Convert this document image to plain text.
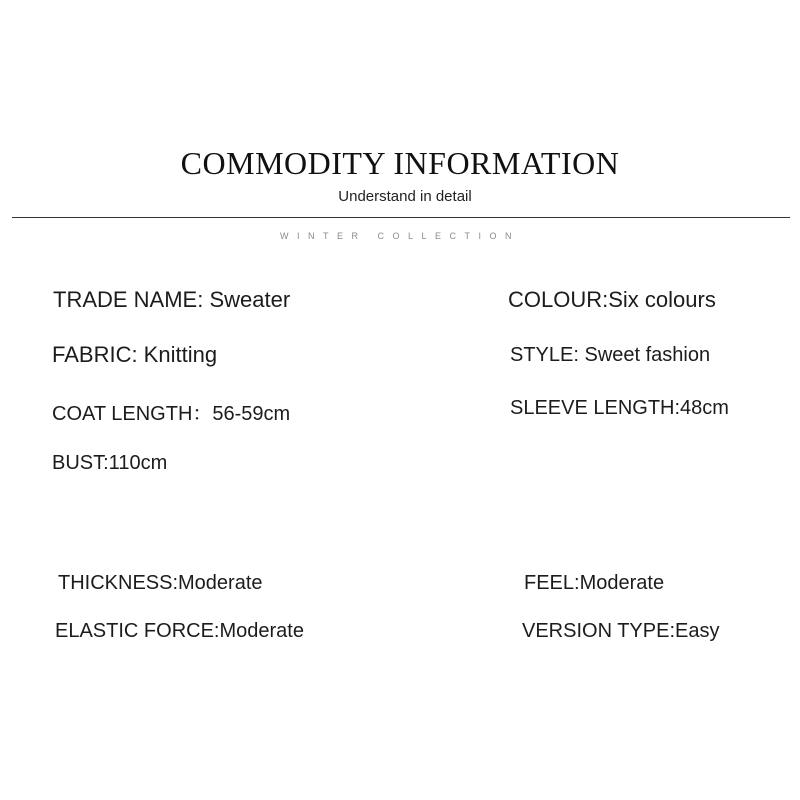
COMMODITY INFORMATION
Understand in detail
WINTER COLLECTION
TRADE NAME: Sweater	COLOUR:Six colours
FABRIC: Knitting	STYLE: Sweet fashion
COAT LENGTH：56-59cm	SLEEVE LENGTH:48cm
BUST:110cm
THICKNESS:Moderate	FEEL:Moderate
ELASTIC FORCE:Moderate	VERSION TYPE:Easy
